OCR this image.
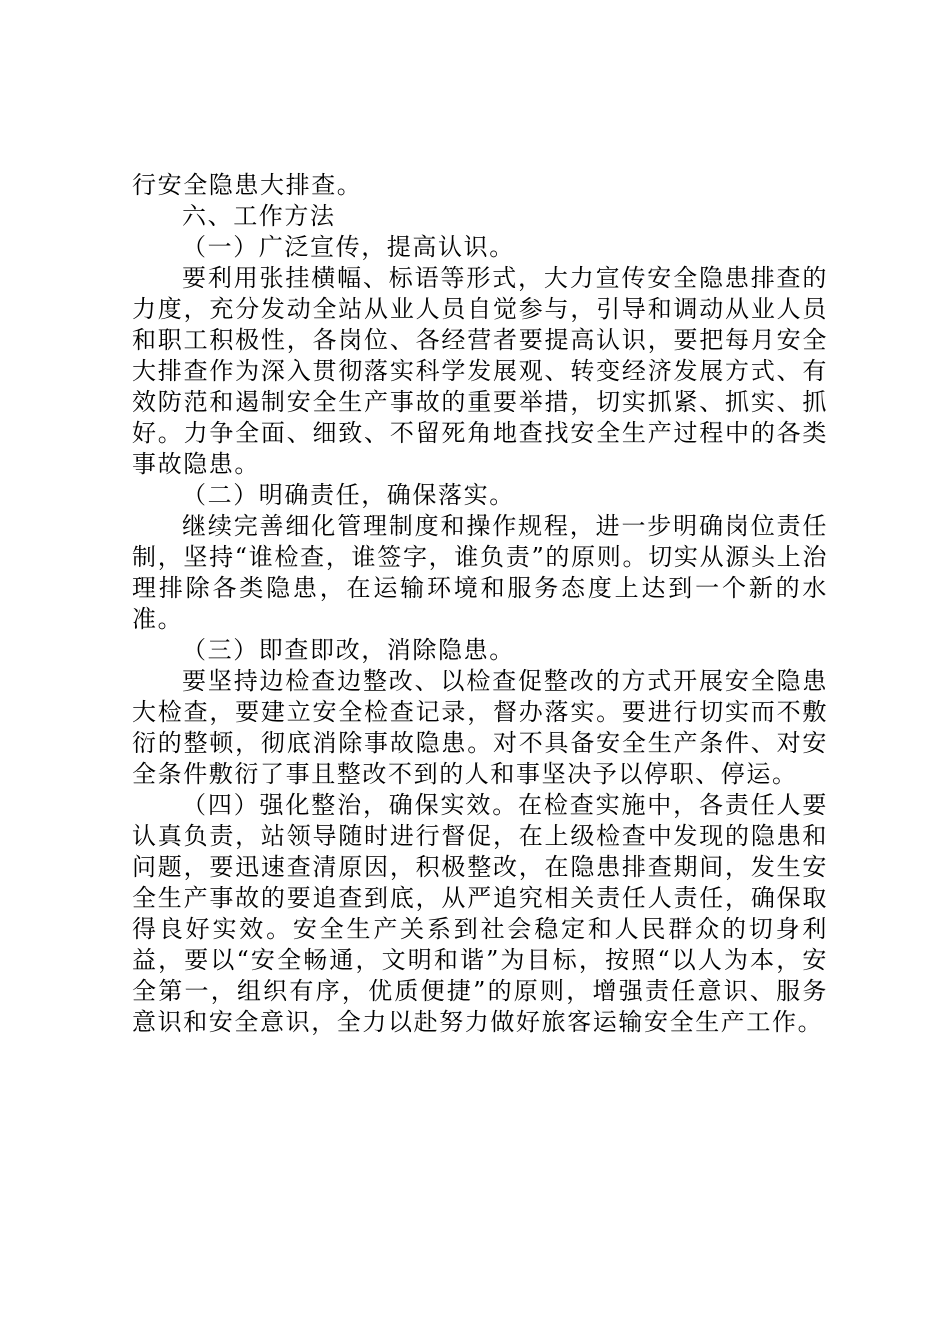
行安全隐患大排查。

六、工作方法

（一）广泛宣传，提高认识。

要利用张挂横幅、标语等形式，大力宣传安全隐患排查的力度，充分发动全站从业人员自觉参与，引导和调动从业人员和职工积极性，各岗位、各经营者要提高认识，要把每月安全大排查作为深入贯彻落实科学发展观、转变经济发展方式、有效防范和遏制安全生产事故的重要举措，切实抓紧、抓实、抓好。力争全面、细致、不留死角地查找安全生产过程中的各类事故隐患。

（二）明确责任，确保落实。

继续完善细化管理制度和操作规程，进一步明确岗位责任制，坚持“谁检查，谁签字，谁负责”的原则。切实从源头上治理排除各类隐患，在运输环境和服务态度上达到一个新的水准。

（三）即查即改，消除隐患。

要坚持边检查边整改、以检查促整改的方式开展安全隐患大检查，要建立安全检查记录，督办落实。要进行切实而不敷衍的整顿，彻底消除事故隐患。对不具备安全生产条件、对安全条件敷衍了事且整改不到的人和事坚决予以停职、停运。

（四）强化整治，确保实效。在检查实施中，各责任人要认真负责，站领导随时进行督促，在上级检查中发现的隐患和问题，要迅速查清原因，积极整改，在隐患排查期间，发生安全生产事故的要追查到底，从严追究相关责任人责任，确保取得良好实效。安全生产关系到社会稳定和人民群众的切身利益，要以“安全畅通，文明和谐”为目标，按照“以人为本，安全第一，组织有序，优质便捷”的原则，增强责任意识、服务意识和安全意识，全力以赴努力做好旅客运输安全生产工作。
